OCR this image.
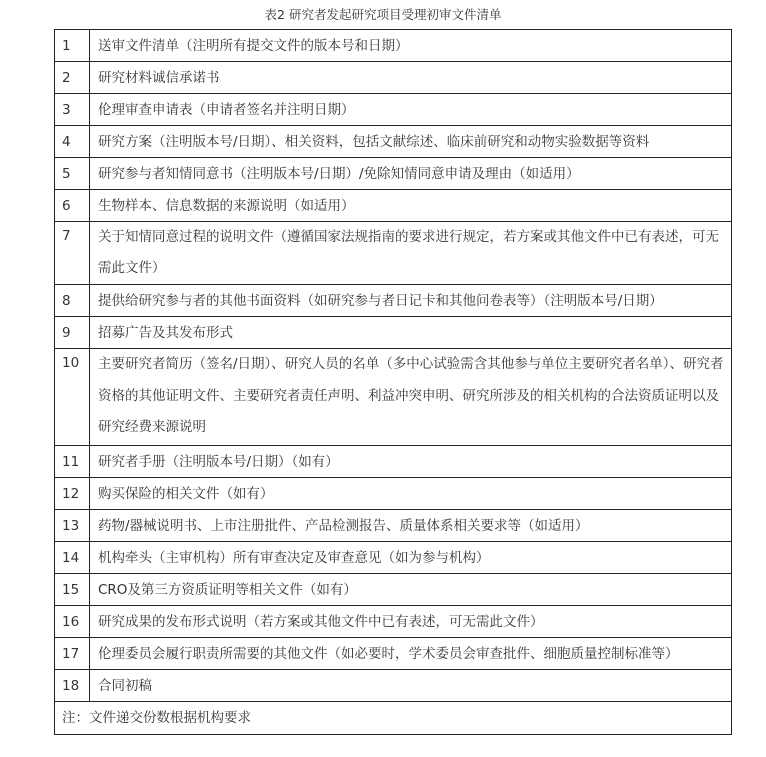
表2 研究者发起研究项目受理初审文件清单
1	送审文件清单（注明所有提交文件的版本号和日期）
2	研究材料诚信承诺书
3	伦理审查申请表（申请者签名并注明日期）
4	研究方案（注明版本号/日期）、相关资料，包括文献综述、临床前研究和动物实验数据等资料
5	研究参与者知情同意书（注明版本号/日期）/免除知情同意申请及理由（如适用）
6	生物样本、信息数据的来源说明（如适用）
7	关于知情同意过程的说明文件（遵循国家法规指南的要求进行规定，若方案或其他文件中已有表述，可无需此文件）
8	提供给研究参与者的其他书面资料（如研究参与者日记卡和其他问卷表等）（注明版本号/日期）
9	招募广告及其发布形式
10	主要研究者简历（签名/日期）、研究人员的名单（多中心试验需含其他参与单位主要研究者名单）、研究者资格的其他证明文件、主要研究者责任声明、利益冲突申明、研究所涉及的相关机构的合法资质证明以及研究经费来源说明
11	研究者手册（注明版本号/日期）（如有）
12	购买保险的相关文件（如有）
13	药物/器械说明书、上市注册批件、产品检测报告、质量体系相关要求等（如适用）
14	机构牵头（主审机构）所有审查决定及审查意见（如为参与机构）
15	CRO及第三方资质证明等相关文件（如有）
16	研究成果的发布形式说明（若方案或其他文件中已有表述，可无需此文件）
17	伦理委员会履行职责所需要的其他文件（如必要时，学术委员会审查批件、细胞质量控制标准等）
18	合同初稿
注：文件递交份数根据机构要求	
